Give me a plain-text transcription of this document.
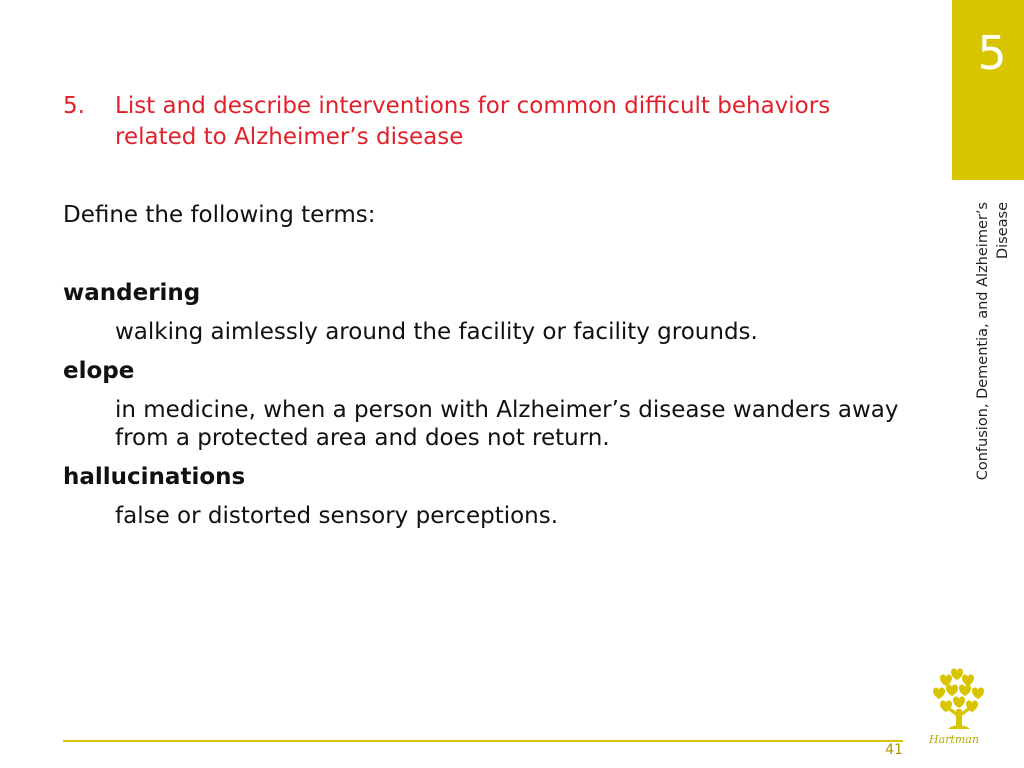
5
Confusion, Dementia, and Alzheimer’s Disease
5.	List and describe interventions for common difficult behaviors related to Alzheimer’s disease
Define the following terms:
wandering
walking aimlessly around the facility or facility grounds.
elope
in medicine, when a person with Alzheimer’s disease wanders away from a protected area and does not return.
hallucinations
false or distorted sensory perceptions.
41
Hartman
